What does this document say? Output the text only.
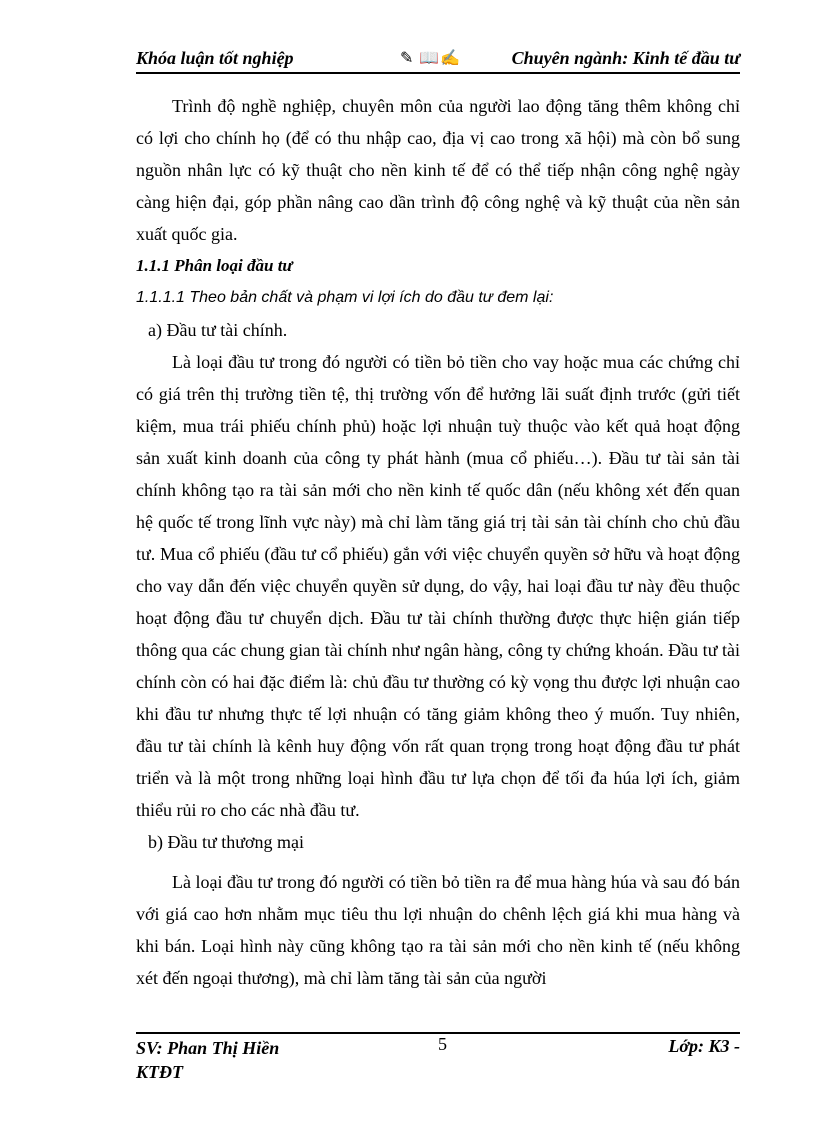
Khóa luận tốt nghiệp	✎ 📖✍	Chuyên ngành: Kinh tế đầu tư

Trình độ nghề nghiệp, chuyên môn của người lao động tăng thêm không chỉ có lợi cho chính họ (để có thu nhập cao, địa vị cao trong xã hội) mà còn bổ sung nguồn nhân lực có kỹ thuật cho nền kinh tế để có thể tiếp nhận công nghệ ngày càng hiện đại, góp phần nâng cao dần trình độ công nghệ và kỹ thuật của nền sản xuất quốc gia.

1.1.1 Phân loại đầu tư

1.1.1.1 Theo bản chất và phạm vi lợi ích do đầu tư đem lại:

a) Đầu tư tài chính.

Là loại đầu tư trong đó người có tiền bỏ tiền cho vay hoặc mua các chứng chỉ có giá trên thị trường tiền tệ, thị trường vốn để hưởng lãi suất định trước (gửi tiết kiệm, mua trái phiếu chính phủ) hoặc lợi nhuận tuỳ thuộc vào kết quả hoạt động sản xuất kinh doanh của công ty phát hành (mua cổ phiếu…). Đầu tư tài sản tài chính không tạo ra tài sản mới cho nền kinh tế quốc dân (nếu không xét đến quan hệ quốc tế trong lĩnh vực này) mà chỉ làm tăng giá trị tài sản tài chính cho chủ đầu tư. Mua cổ phiếu (đầu tư cổ phiếu) gắn với việc chuyển quyền sở hữu và hoạt động cho vay dẫn đến việc chuyển quyền sử dụng, do vậy, hai loại đầu tư này đều thuộc hoạt động đầu tư chuyển dịch. Đầu tư tài chính thường được thực hiện gián tiếp thông qua các chung gian tài chính như ngân hàng, công ty chứng khoán. Đầu tư tài chính còn có hai đặc điểm là: chủ đầu tư thường có kỳ vọng thu được lợi nhuận cao khi đầu tư nhưng thực tế lợi nhuận có tăng giảm không theo ý muốn. Tuy nhiên, đầu tư tài chính là kênh huy động vốn rất quan trọng trong hoạt động đầu tư phát triển và là một trong những loại hình đầu tư lựa chọn để tối đa húa lợi ích, giảm thiểu rủi ro cho các nhà đầu tư.

b) Đầu tư thương mại

Là loại đầu tư trong đó người có tiền bỏ tiền ra để mua hàng húa và sau đó bán với giá cao hơn nhằm mục tiêu thu lợi nhuận do chênh lệch giá khi mua hàng và khi bán. Loại hình này cũng không tạo ra tài sản mới cho nền kinh tế (nếu không xét đến ngoại thương), mà chỉ làm tăng tài sản của người

SV: Phan Thị Hiền KTĐT
5	Lớp: K3 -
